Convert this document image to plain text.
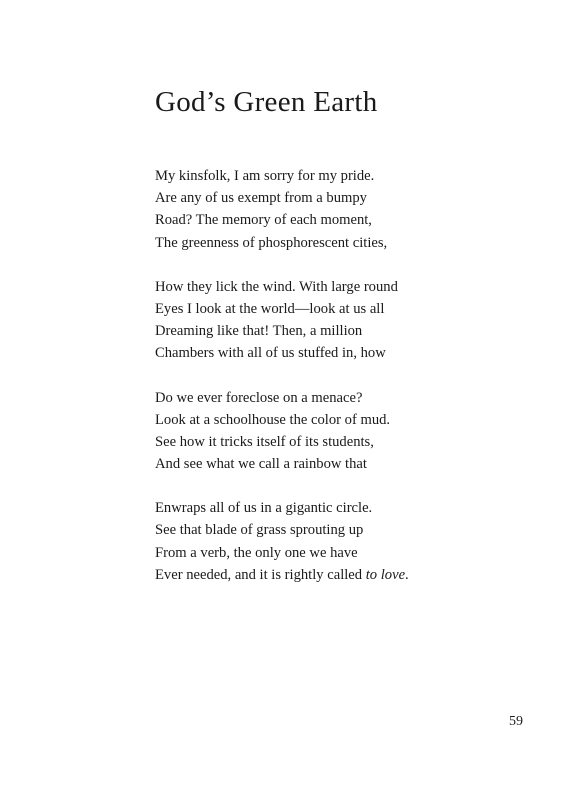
God’s Green Earth
My kinsfolk, I am sorry for my pride.
Are any of us exempt from a bumpy
Road? The memory of each moment,
The greenness of phosphorescent cities,
How they lick the wind. With large round
Eyes I look at the world—look at us all
Dreaming like that! Then, a million
Chambers with all of us stuffed in, how
Do we ever foreclose on a menace?
Look at a schoolhouse the color of mud.
See how it tricks itself of its students,
And see what we call a rainbow that
Enwraps all of us in a gigantic circle.
See that blade of grass sprouting up
From a verb, the only one we have
Ever needed, and it is rightly called to love.
59
